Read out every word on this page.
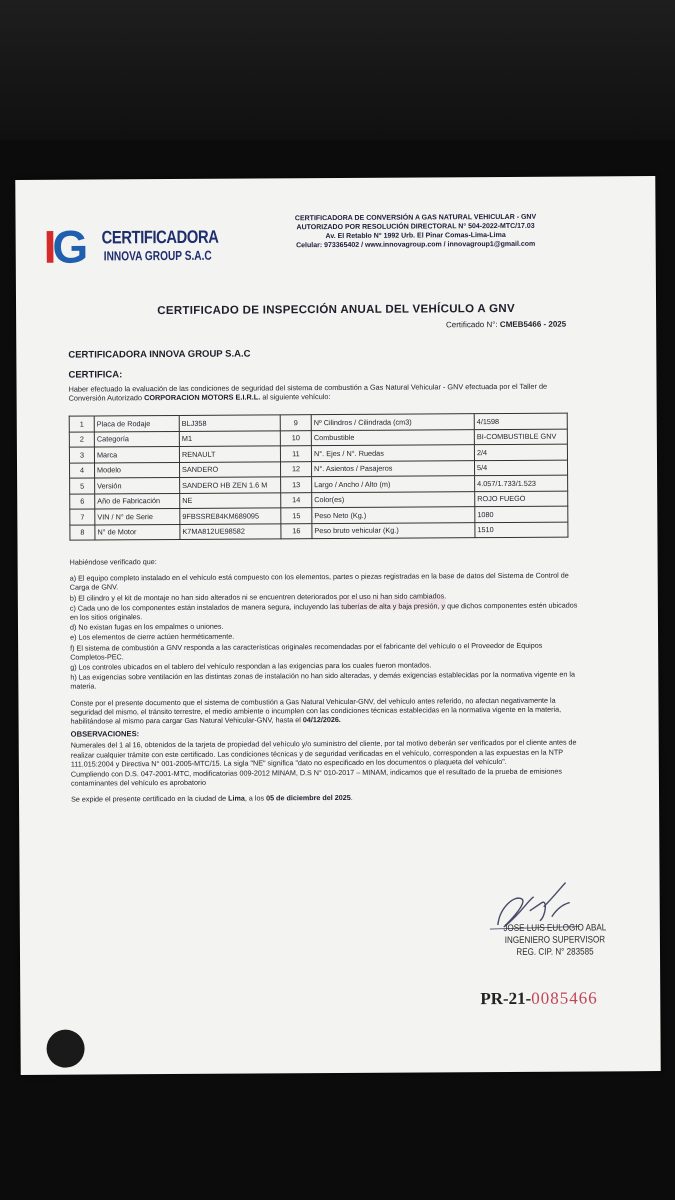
IG CERTIFICADORA
INNOVA GROUP S.A.C
CERTIFICADORA DE CONVERSIÓN A GAS NATURAL VEHICULAR - GNV
AUTORIZADO POR RESOLUCIÓN DIRECTORAL N° 504-2022-MTC/17.03
Av. El Retablo N° 1992 Urb. El Pinar Comas-Lima-Lima
Celular: 973365402 / www.innovagroup.com / innovagroup1@gmail.com
CERTIFICADO DE INSPECCIÓN ANUAL DEL VEHÍCULO A GNV
Certificado N°: CMEB5466 - 2025
CERTIFICADORA INNOVA GROUP S.A.C
CERTIFICA:
Haber efectuado la evaluación de las condiciones de seguridad del sistema de combustión a Gas Natural Vehicular - GNV efectuada por el Taller de Conversión Autorizado CORPORACION MOTORS E.I.R.L. al siguiente vehículo:
1	Placa de Rodaje	BLJ358	9	Nº Cilindros / Cilindrada (cm3)	4/1598
2	Categoría	M1	10	Combustible	BI-COMBUSTIBLE GNV
3	Marca	RENAULT	11	N°. Ejes / N°. Ruedas	2/4
4	Modelo	SANDERO	12	N°. Asientos / Pasajeros	5/4
5	Versión	SANDERO HB ZEN 1.6 M	13	Largo / Ancho / Alto (m)	4.057/1.733/1.523
6	Año de Fabricación	NE	14	Color(es)	ROJO FUEGO
7	VIN / N° de Serie	9FBSSRE84KM689095	15	Peso Neto (Kg.)	1080
8	N° de Motor	K7MA812UE98582	16	Peso bruto vehicular (Kg.)	1510

Habiéndose verificado que:

a) El equipo completo instalado en el vehículo está compuesto con los elementos, partes o piezas registradas en la base de datos del Sistema de Control de Carga de GNV.

b) El cilindro y el kit de montaje no han sido alterados ni se encuentren deteriorados por el uso ni han sido cambiados.

c) Cada uno de los componentes están instalados de manera segura, incluyendo las tuberías de alta y baja presión, y que dichos componentes estén ubicados en los sitios originales.

d) No existan fugas en los empalmes o uniones.

e) Los elementos de cierre actúen herméticamente.

f) El sistema de combustión a GNV responda a las características originales recomendadas por el fabricante del vehículo o el Proveedor de Equipos Completos-PEC.

g) Los controles ubicados en el tablero del vehículo respondan a las exigencias para los cuales fueron montados.

h) Las exigencias sobre ventilación en las distintas zonas de instalación no han sido alteradas, y demás exigencias establecidas por la normativa vigente en la materia.

Conste por el presente documento que el sistema de combustión a Gas Natural Vehicular-GNV, del vehículo antes referido, no afectan negativamente la seguridad del mismo, el tránsito terrestre, el medio ambiente o incumplen con las condiciones técnicas establecidas en la normativa vigente en la materia, habilitándose al mismo para cargar Gas Natural Vehicular-GNV, hasta el 04/12/2026.

OBSERVACIONES:

Numerales del 1 al 16, obtenidos de la tarjeta de propiedad del vehículo y/o suministro del cliente, por tal motivo deberán ser verificados por el cliente antes de realizar cualquier trámite con este certificado. Las condiciones técnicas y de seguridad verificadas en el vehículo, corresponden a las expuestas en la NTP 111.015:2004 y Directiva N° 001-2005-MTC/15. La sigla "NE" significa "dato no especificado en los documentos o plaqueta del vehículo".

Cumpliendo con D.S. 047-2001-MTC, modificatorias 009-2012 MINAM, D.S N° 010-2017 – MINAM, indicamos que el resultado de la prueba de emisiones contaminantes del vehículo es aprobatorio

Se expide el presente certificado en la ciudad de Lima, a los 05 de diciembre del 2025.

JOSE LUIS EULOGIO ABAL
INGENIERO SUPERVISOR
REG. CIP. N° 283585
PR-21-0085466
